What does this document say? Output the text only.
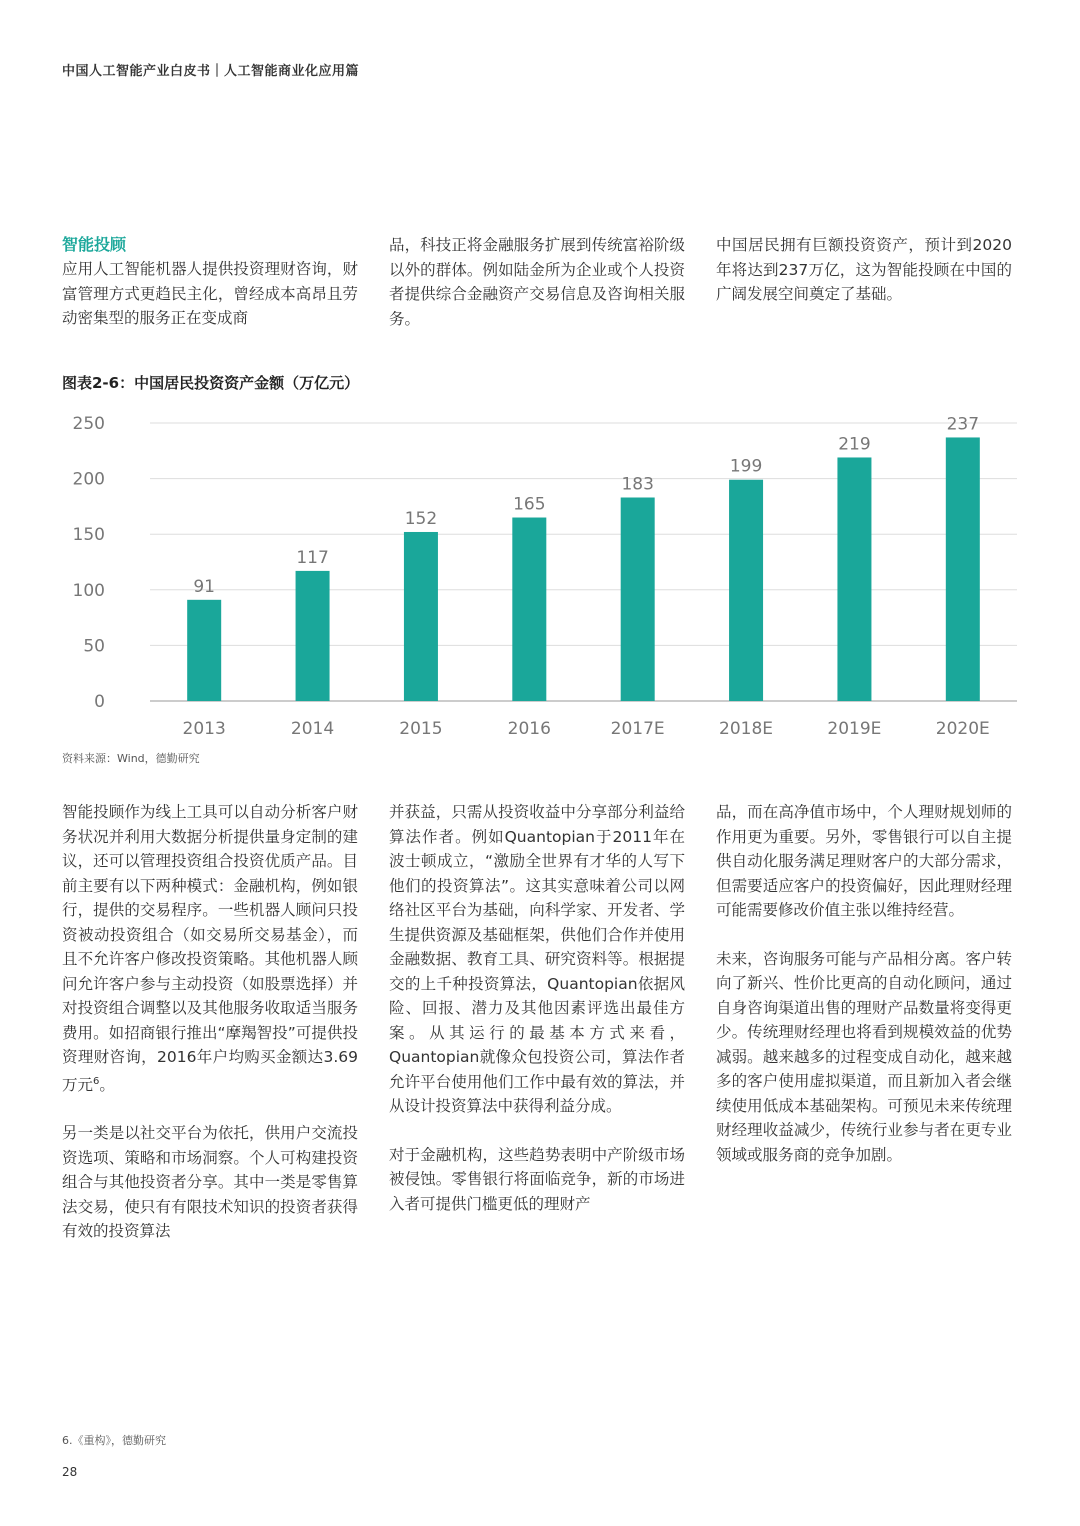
中国人工智能产业白皮书｜人工智能商业化应用篇
智能投顾
应用人工智能机器人提供投资理财咨询，财富管理方式更趋民主化，曾经成本高昂且劳动密集型的服务正在变成商
品，科技正将金融服务扩展到传统富裕阶级以外的群体。例如陆金所为企业或个人投资者提供综合金融资产交易信息及咨询相关服务。
中国居民拥有巨额投资资产，预计到2020年将达到237万亿，这为智能投顾在中国的广阔发展空间奠定了基础。
图表2-6：中国居民投资资产金额（万亿元）
0
50
100
150
200
250
91
2013
117
2014
152
2015
165
2016
183
2017E
199
2018E
219
2019E
237
2020E
资料来源：Wind，德勤研究

智能投顾作为线上工具可以自动分析客户财务状况并利用大数据分析提供量身定制的建议，还可以管理投资组合投资优质产品。目前主要有以下两种模式：金融机构，例如银行，提供的交易程序。一些机器人顾问只投资被动投资组合（如交易所交易基金），而且不允许客户修改投资策略。其他机器人顾问允许客户参与主动投资（如股票选择）并对投资组合调整以及其他服务收取适当服务费用。如招商银行推出“摩羯智投”可提供投资理财咨询，2016年户均购买金额达3.69万元$^6$。

另一类是以社交平台为依托，供用户交流投资选项、策略和市场洞察。个人可构建投资组合与其他投资者分享。其中一类是零售算法交易，使只有有限技术知识的投资者获得有效的投资算法

并获益，只需从投资收益中分享部分利益给算法作者。例如Quantopian于2011年在波士顿成立，“激励全世界有才华的人写下他们的投资算法”。这其实意味着公司以网络社区平台为基础，向科学家、开发者、学生提供资源及基础框架，供他们合作并使用金融数据、教育工具、研究资料等。根据提交的上千种投资算法，Quantopian依据风险、回报、潜力及其他因素评选出最佳方案。从其运行的最基本方式来看，Quantopian就像众包投资公司，算法作者允许平台使用他们工作中最有效的算法，并从设计投资算法中获得利益分成。

对于金融机构，这些趋势表明中产阶级市场被侵蚀。零售银行将面临竞争，新的市场进入者可提供门槛更低的理财产

品，而在高净值市场中，个人理财规划师的作用更为重要。另外，零售银行可以自主提供自动化服务满足理财客户的大部分需求，但需要适应客户的投资偏好，因此理财经理可能需要修改价值主张以维持经营。

未来，咨询服务可能与产品相分离。客户转向了新兴、性价比更高的自动化顾问，通过自身咨询渠道出售的理财产品数量将变得更少。传统理财经理也将看到规模效益的优势减弱。越来越多的过程变成自动化，越来越多的客户使用虚拟渠道，而且新加入者会继续使用低成本基础架构。可预见未来传统理财经理收益减少，传统行业参与者在更专业领域或服务商的竞争加剧。

6.《重构》，德勤研究
28
